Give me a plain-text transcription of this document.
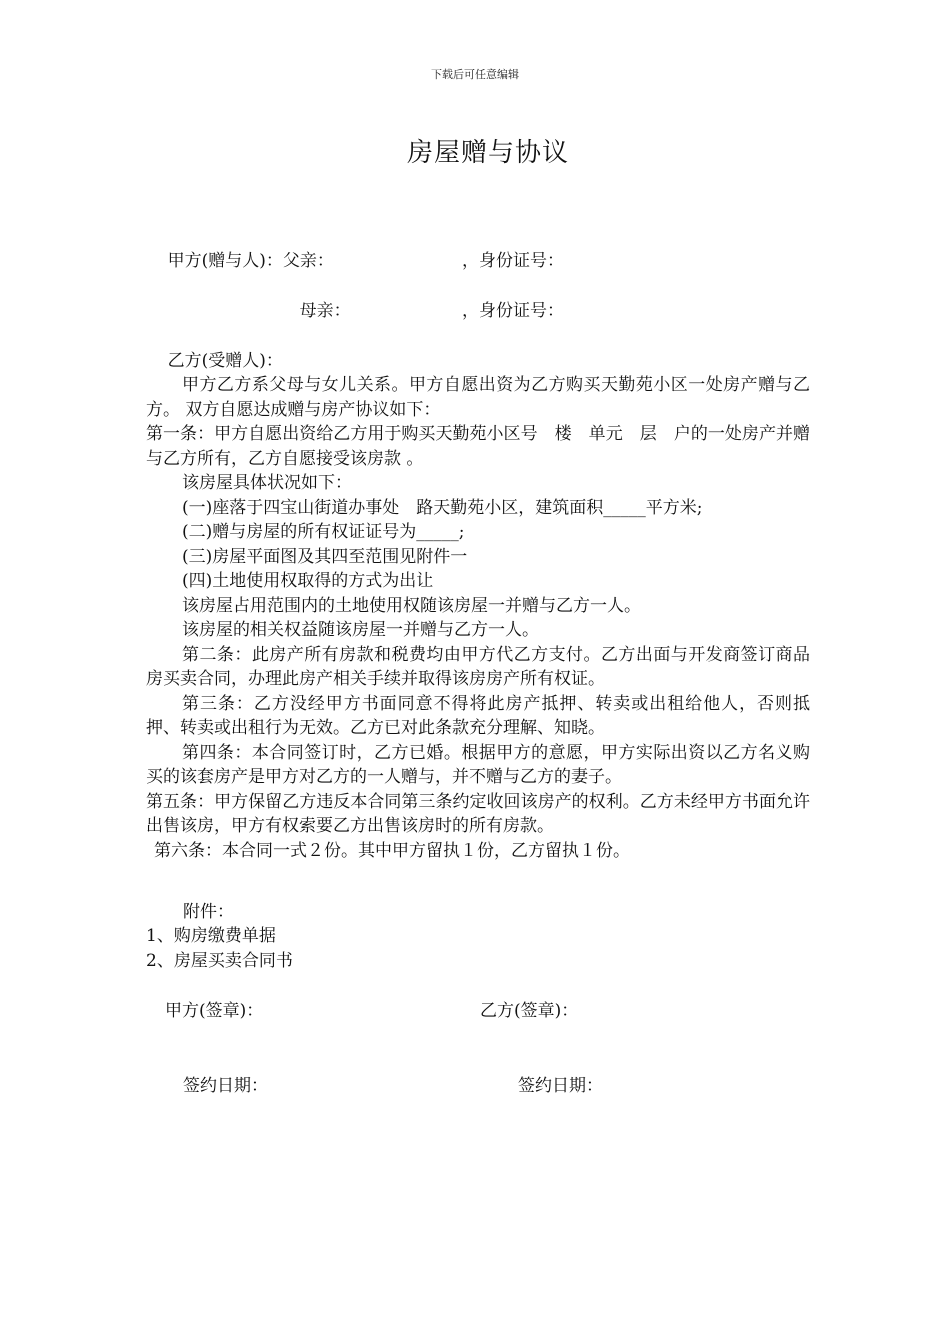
下载后可任意编辑
房屋赠与协议

甲方(赠与人)：父亲：	，身份证号：

母亲：	，身份证号：

乙方(受赠人)：

甲方乙方系父母与女儿关系。甲方自愿出资为乙方购买天勤苑小区一处房产赠与乙方。 双方自愿达成赠与房产协议如下：

第一条：甲方自愿出资给乙方用于购买天勤苑小区号　楼　单元　层　户的一处房产并赠与乙方所有，乙方自愿接受该房款 。

该房屋具体状况如下：

(一)座落于四宝山街道办事处　路天勤苑小区，建筑面积_____平方米;

(二)赠与房屋的所有权证证号为_____;

(三)房屋平面图及其四至范围见附件一

(四)土地使用权取得的方式为出让

该房屋占用范围内的土地使用权随该房屋一并赠与乙方一人。

该房屋的相关权益随该房屋一并赠与乙方一人。

第二条：此房产所有房款和税费均由甲方代乙方支付。乙方出面与开发商签订商品房买卖合同，办理此房产相关手续并取得该房房产所有权证。

第三条：乙方没经甲方书面同意不得将此房产抵押、转卖或出租给他人，否则抵押、转卖或出租行为无效。乙方已对此条款充分理解、知晓。

第四条：本合同签订时，乙方已婚。根据甲方的意愿，甲方实际出资以乙方名义购买的该套房产是甲方对乙方的一人赠与，并不赠与乙方的妻子。

第五条：甲方保留乙方违反本合同第三条约定收回该房产的权利。乙方未经甲方书面允许出售该房，甲方有权索要乙方出售该房时的所有房款。

第六条：本合同一式２份。其中甲方留执１份，乙方留执１份。

附件：
1、购房缴费单据
2、房屋买卖合同书
甲方(签章)：	乙方(签章)：
签约日期：	签约日期：
